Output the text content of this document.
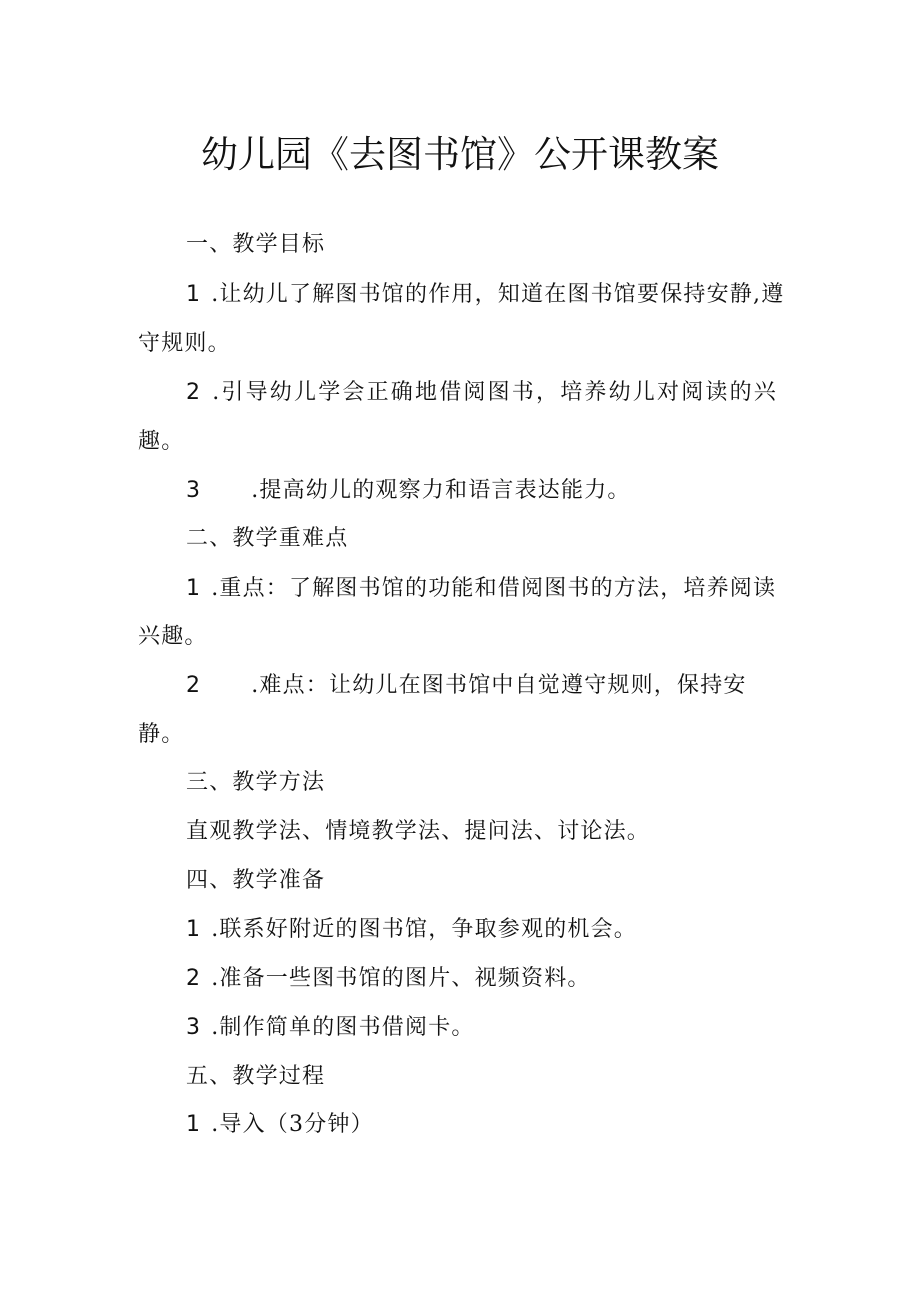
幼儿园《去图书馆》公开课教案

一、教学目标

1 .让幼儿了解图书馆的作用，知道在图书馆要保持安静,遵

守规则。

2 .引导幼儿学会正确地借阅图书，培养幼儿对阅读的兴

趣。

3 .提高幼儿的观察力和语言表达能力。

二、教学重难点

1 .重点：了解图书馆的功能和借阅图书的方法，培养阅读

兴趣。

2 .难点：让幼儿在图书馆中自觉遵守规则，保持安

静。

三、教学方法

直观教学法、情境教学法、提问法、讨论法。

四、教学准备

1 .联系好附近的图书馆，争取参观的机会。

2 .准备一些图书馆的图片、视频资料。

3 .制作简单的图书借阅卡。

五、教学过程

1 .导入（3分钟）
